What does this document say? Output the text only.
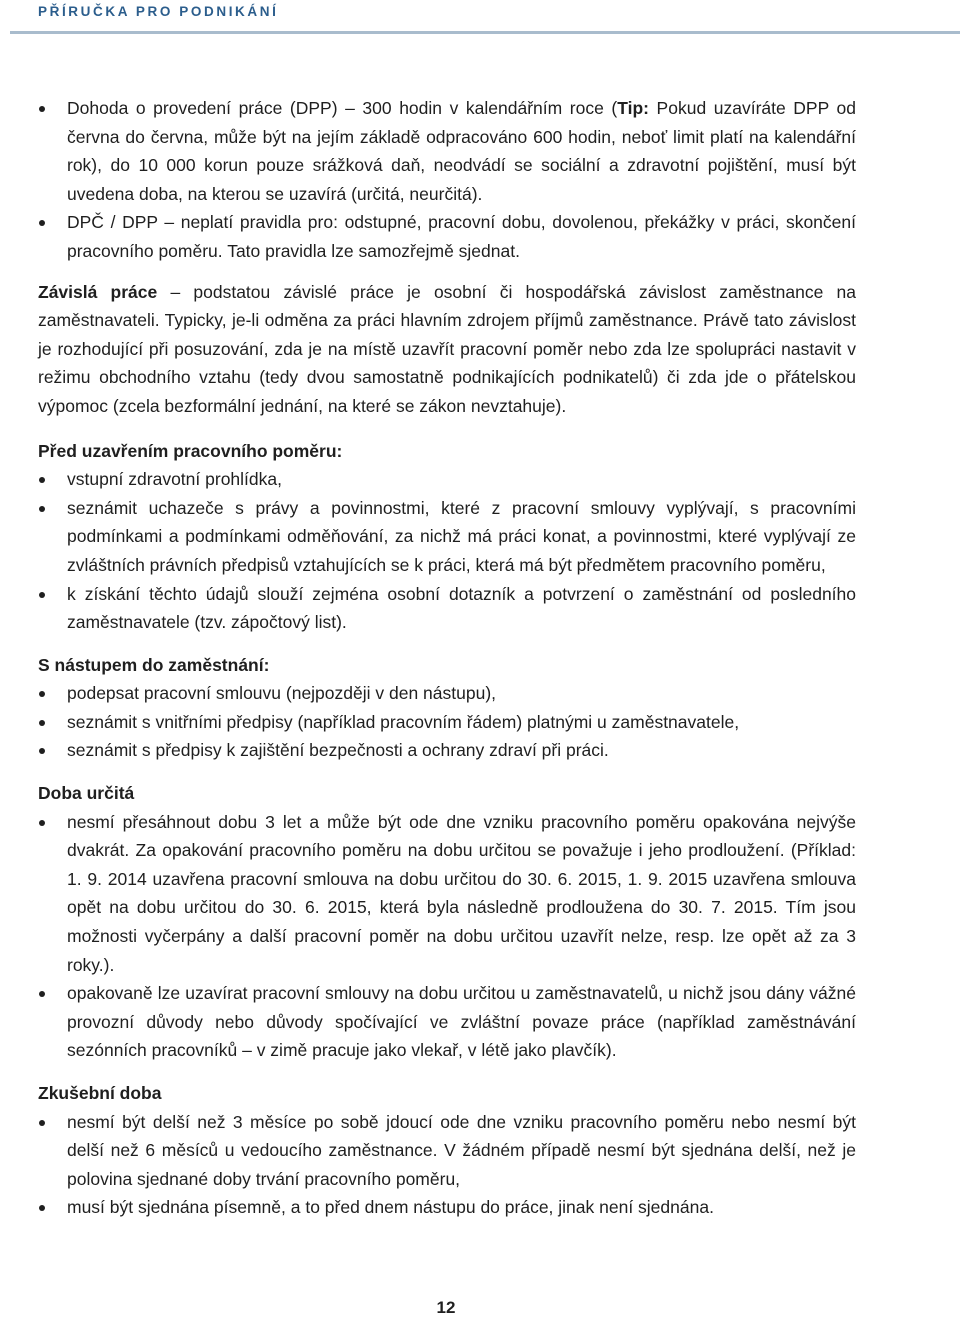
PŘÍRUČKA PRO PODNIKÁNÍ
Dohoda o provedení práce (DPP) – 300 hodin v kalendářním roce (Tip: Pokud uzavíráte DPP od června do června, může být na jejím základě odpracováno 600 hodin, neboť limit platí na kalendářní rok), do 10 000 korun pouze srážková daň, neodvádí se sociální a zdravotní pojištění, musí být uvedena doba, na kterou se uzavírá (určitá, neurčitá).
DPČ / DPP – neplatí pravidla pro: odstupné, pracovní dobu, dovolenou, překážky v práci, skončení pracovního poměru. Tato pravidla lze samozřejmě sjednat.

Závislá práce – podstatou závislé práce je osobní či hospodářská závislost zaměstnance na zaměstnavateli. Typicky, je-li odměna za práci hlavním zdrojem příjmů zaměstnance. Právě tato závislost je rozhodující při posuzování, zda je na místě uzavřít pracovní poměr nebo zda lze spolupráci nastavit v režimu obchodního vztahu (tedy dvou samostatně podnikajících podnikatelů) či zda jde o přátelskou výpomoc (zcela bezformální jednání, na které se zákon nevztahuje).

Před uzavřením pracovního poměru:

vstupní zdravotní prohlídka,
seznámit uchazeče s právy a povinnostmi, které z pracovní smlouvy vyplývají, s pracovními podmínkami a podmínkami odměňování, za nichž má práci konat, a povinnostmi, které vyplývají ze zvláštních právních předpisů vztahujících se k práci, která má být předmětem pracovního poměru,
k získání těchto údajů slouží zejména osobní dotazník a potvrzení o zaměstnání od posledního zaměstnavatele (tzv. zápočtový list).

S nástupem do zaměstnání:

podepsat pracovní smlouvu (nejpozději v den nástupu),
seznámit s vnitřními předpisy (například pracovním řádem) platnými u zaměstnavatele,
seznámit s předpisy k zajištění bezpečnosti a ochrany zdraví při práci.

Doba určitá

nesmí přesáhnout dobu 3 let a může být ode dne vzniku pracovního poměru opakována nejvýše dvakrát. Za opakování pracovního poměru na dobu určitou se považuje i jeho prodloužení. (Příklad: 1. 9. 2014 uzavřena pracovní smlouva na dobu určitou do 30. 6. 2015, 1. 9. 2015 uzavřena smlouva opět na dobu určitou do 30. 6. 2015, která byla následně prodloužena do 30. 7. 2015. Tím jsou možnosti vyčerpány a další pracovní poměr na dobu určitou uzavřít nelze, resp. lze opět až za 3 roky.).
opakovaně lze uzavírat pracovní smlouvy na dobu určitou u zaměstnavatelů, u nichž jsou dány vážné provozní důvody nebo důvody spočívající ve zvláštní povaze práce (například zaměstnávání sezónních pracovníků – v zimě pracuje jako vlekař, v létě jako plavčík).

Zkušební doba

nesmí být delší než 3 měsíce po sobě jdoucí ode dne vzniku pracovního poměru nebo nesmí být delší než 6 měsíců u vedoucího zaměstnance. V žádném případě nesmí být sjednána delší, než je polovina sjednané doby trvání pracovního poměru,
musí být sjednána písemně, a to před dnem nástupu do práce, jinak není sjednána.
12
